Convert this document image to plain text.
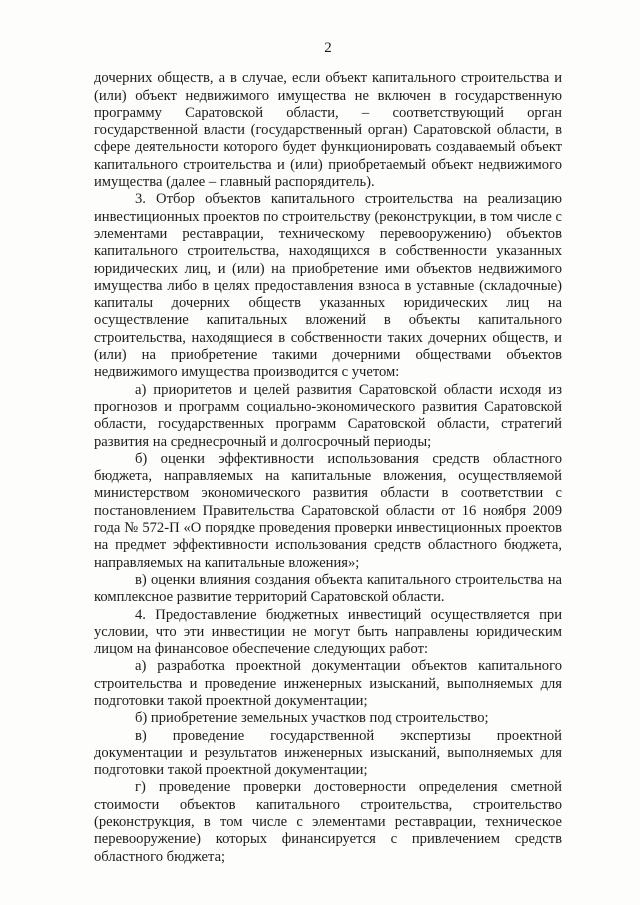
2

дочерних обществ, а в случае, если объект капитального строительства и (или) объект недвижимого имущества не включен в государственную программу Саратовской области, – соответствующий орган государственной власти (государственный орган) Саратовской области, в сфере деятельности которого будет функционировать создаваемый объект капитального строительства и (или) приобретаемый объект недвижимого имущества (далее – главный распорядитель).

3. Отбор объектов капитального строительства на реализацию инвестиционных проектов по строительству (реконструкции, в том числе с элементами реставрации, техническому перевооружению) объектов капитального строительства, находящихся в собственности указанных юридических лиц, и (или) на приобретение ими объектов недвижимого имущества либо в целях предоставления взноса в уставные (складочные) капиталы дочерних обществ указанных юридических лиц на осуществление капитальных вложений в объекты капитального строительства, находящиеся в собственности таких дочерних обществ, и (или) на приобретение такими дочерними обществами объектов недвижимого имущества производится с учетом:

а) приоритетов и целей развития Саратовской области исходя из прогнозов и программ социально-экономического развития Саратовской области, государственных программ Саратовской области, стратегий развития на среднесрочный и долгосрочный периоды;

б) оценки эффективности использования средств областного бюджета, направляемых на капитальные вложения, осуществляемой министерством экономического развития области в соответствии с постановлением Правительства Саратовской области от 16 ноября 2009 года № 572-П «О порядке проведения проверки инвестиционных проектов на предмет эффективности использования средств областного бюджета, направляемых на капитальные вложения»;

в) оценки влияния создания объекта капитального строительства на комплексное развитие территорий Саратовской области.

4. Предоставление бюджетных инвестиций осуществляется при условии, что эти инвестиции не могут быть направлены юридическим лицом на финансовое обеспечение следующих работ:

а) разработка проектной документации объектов капитального строительства и проведение инженерных изысканий, выполняемых для подготовки такой проектной документации;

б) приобретение земельных участков под строительство;

в) проведение государственной экспертизы проектной документации и результатов инженерных изысканий, выполняемых для подготовки такой проектной документации;

г) проведение проверки достоверности определения сметной стоимости объектов капитального строительства, строительство (реконструкция, в том числе с элементами реставрации, техническое перевооружение) которых финансируется с привлечением средств областного бюджета;
